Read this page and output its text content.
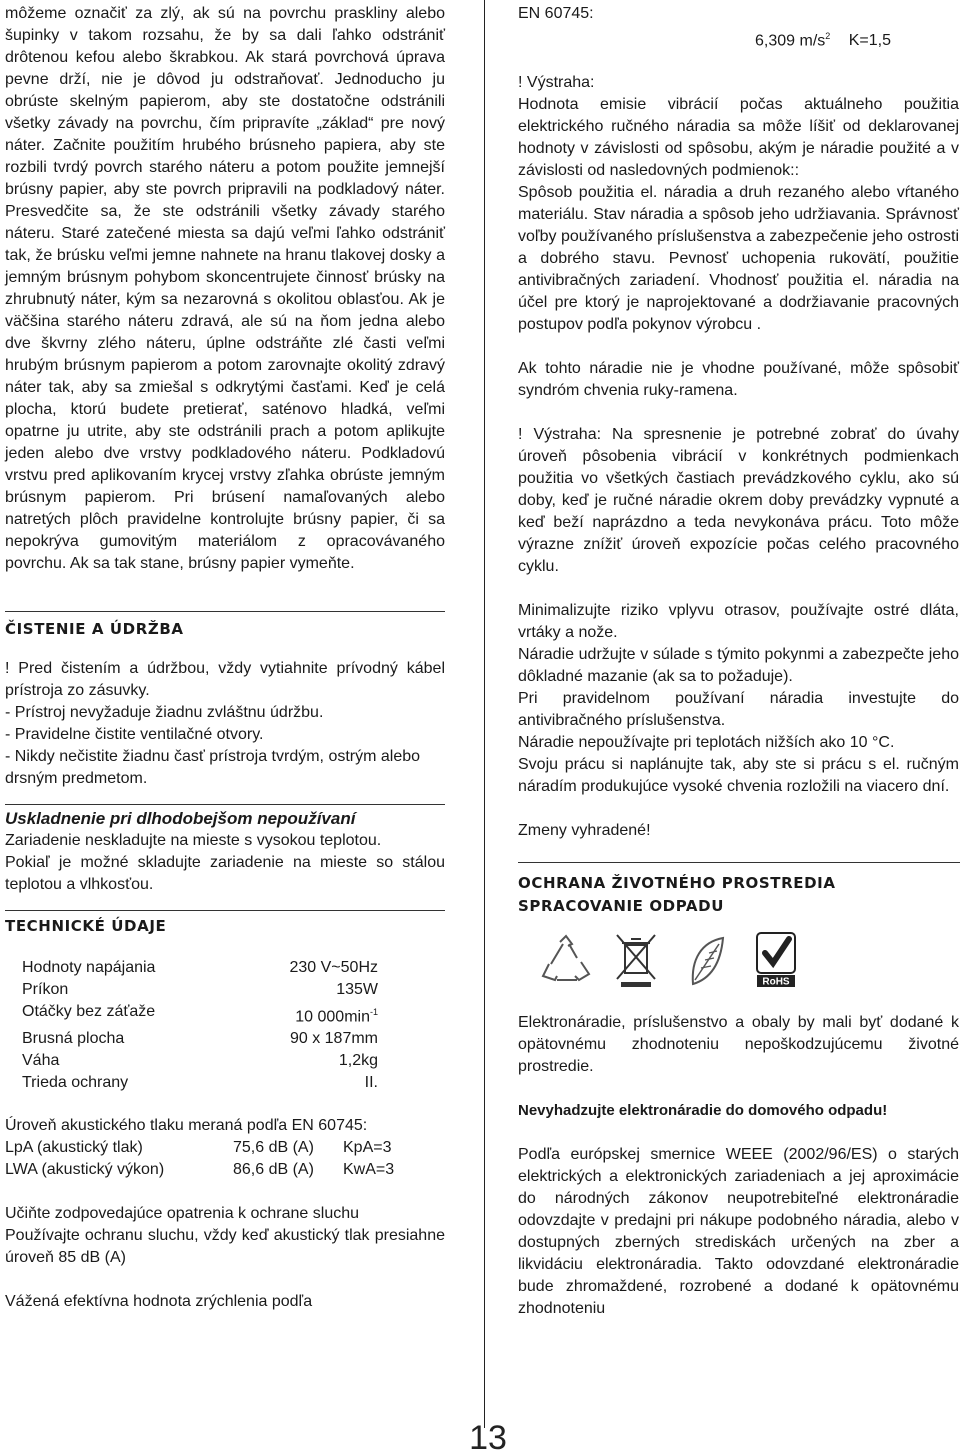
môžeme označiť za zlý, ak sú na povrchu praskliny alebo šupinky v takom rozsahu, že by sa dali ľahko odstrániť drôtenou kefou alebo škrabkou. Ak stará povrchová úprava pevne drží, nie je dôvod ju odstraňovať. Jednoducho ju obrúste skelným papierom, aby ste dostatočne odstránili všetky závady na povrchu, čím pripravíte „základ“ pre nový náter. Začnite použitím hrubého brúsneho papiera, aby ste rozbili tvrdý povrch starého náteru a potom použite jemnejší brúsny papier, aby ste povrch pripravili na podkladový náter. Presvedčite sa, že ste odstránili všetky závady starého náteru. Staré zatečené miesta sa dajú veľmi ľahko odstrániť tak, že brúsku veľmi jemne nahnete na hranu tlakovej dosky a jemným brúsnym pohybom skoncentrujete činnosť brúsky na zhrubnutý náter, kým sa nezarovná s okolitou oblasťou. Ak je väčšina starého náteru zdravá, ale sú na ňom jedna alebo dve škvrny zlého náteru, úplne odstráňte zlé časti veľmi hrubým brúsnym papierom a potom zarovnajte okolitý zdravý náter tak, aby sa zmiešal s odkrytými časťami. Keď je celá plocha, ktorú budete pretierať, saténovo hladká, veľmi opatrne ju utrite, aby ste odstránili prach a potom aplikujte jeden alebo dve vrstvy podkladového náteru. Podkladovú vrstvu pred aplikovaním krycej vrstvy zľahka obrúste jemným brúsnym papierom. Pri brúsení namaľovaných alebo natretých plôch pravidelne kontrolujte brúsny papier, či sa nepokrýva gumovitým materiálom z opracovávaného povrchu. Ak sa tak stane, brúsny papier vymeňte.

ČISTENIE A ÚDRŽBA

! Pred čistením a údržbou, vždy vytiahnite prívodný kábel prístroja zo zásuvky.

- Prístroj nevyžaduje žiadnu zvláštnu údržbu.

- Pravidelne čistite ventilačné otvory.

- Nikdy nečistite žiadnu časť prístroja tvrdým, ostrým alebo drsným predmetom.

Uskladnenie pri dlhodobejšom nepoužívaní

Zariadenie neskladujte na mieste s vysokou teplotou.

Pokiaľ je možné skladujte zariadenie na mieste so stálou teplotou a vlhkosťou.

TECHNICKÉ ÚDAJE
Hodnoty napájania	230 V~50Hz
Príkon	135W
Otáčky bez záťaže	10 $000\min^{-1}$
Brusná plocha	90 x 187mm
Váha	1,2kg
Trieda ochrany	II.

Úroveň akustického tlaku meraná podľa EN 60745:

LpA (akustický tlak)	75,6 dB (A)	KpA=3
LWA (akustický výkon)	86,6 dB (A)	KwA=3

Učiňte zodpovedajúce opatrenia k ochrane sluchu

Používajte ochranu sluchu, vždy keď akustický tlak presiahne úroveň 85 dB (A)

Vážená efektívna hodnota zrýchlenia podľa

EN 60745:

6,309 $m/s^2$ K=1,5

! Výstraha:

Hodnota emisie vibrácií počas aktuálneho použitia elektrického ručného náradia sa môže líšiť od deklarovanej hodnoty v závislosti od spôsobu, akým je náradie použité a v závislosti od nasledovných podmienok::

Spôsob použitia el. náradia a druh rezaného alebo vŕtaného materiálu. Stav náradia a spôsob jeho udržiavania. Správnosť voľby používaného príslušenstva a zabezpečenie jeho ostrosti a dobrého stavu. Pevnosť uchopenia rukovätí, použitie antivibračných zariadení. Vhodnosť použitia el. náradia na účel pre ktorý je naprojektované a dodržiavanie pracovných postupov podľa pokynov výrobcu .

Ak tohto náradie nie je vhodne používané, môže spôsobiť syndróm chvenia ruky-ramena.

! Výstraha: Na spresnenie je potrebné zobrať do úvahy úroveň pôsobenia vibrácií v konkrétnych podmienkach použitia vo všetkých častiach prevádzkového cyklu, ako sú doby, keď je ručné náradie okrem doby prevádzky vypnuté a keď beží naprázdno a teda nevykonáva prácu. Toto môže výrazne znížiť úroveň expozície počas celého pracovného cyklu.

Minimalizujte riziko vplyvu otrasov, používajte ostré dláta, vrtáky a nože.

Náradie udržujte v súlade s týmito pokynmi a zabezpečte jeho dôkladné mazanie (ak sa to požaduje).

Pri pravidelnom používaní náradia investujte do antivibračného príslušenstva.

Náradie nepoužívajte pri teplotách nižších ako 10 °C.

Svoju prácu si naplánujte tak, aby ste si prácu s el. ručným náradím produkujúce vysoké chvenia rozložili na viacero dní.

Zmeny vyhradené!

OCHRANA ŽIVOTNÉHO PROSTREDIA
SPRACOVANIE ODPADU
RoHS

Elektronáradie, príslušenstvo a obaly by mali byť dodané k opätovnému zhodnoteniu nepoškodzujúcemu životné prostredie.

Nevyhadzujte elektronáradie do domového odpadu!

Podľa európskej smernice WEEE (2002/96/ES) o starých elektrických a elektronických zariadeniach a jej aproximácie do národných zákonov neupotrebiteľné elektronáradie odovzdajte v predajni pri nákupe podobného náradia, alebo v dostupných zberných strediskách určených na zber a likvidáciu elektronáradia. Takto odovzdané elektronáradie bude zhromaždené, rozrobené a dodané k opätovnému zhodnoteniu

13
